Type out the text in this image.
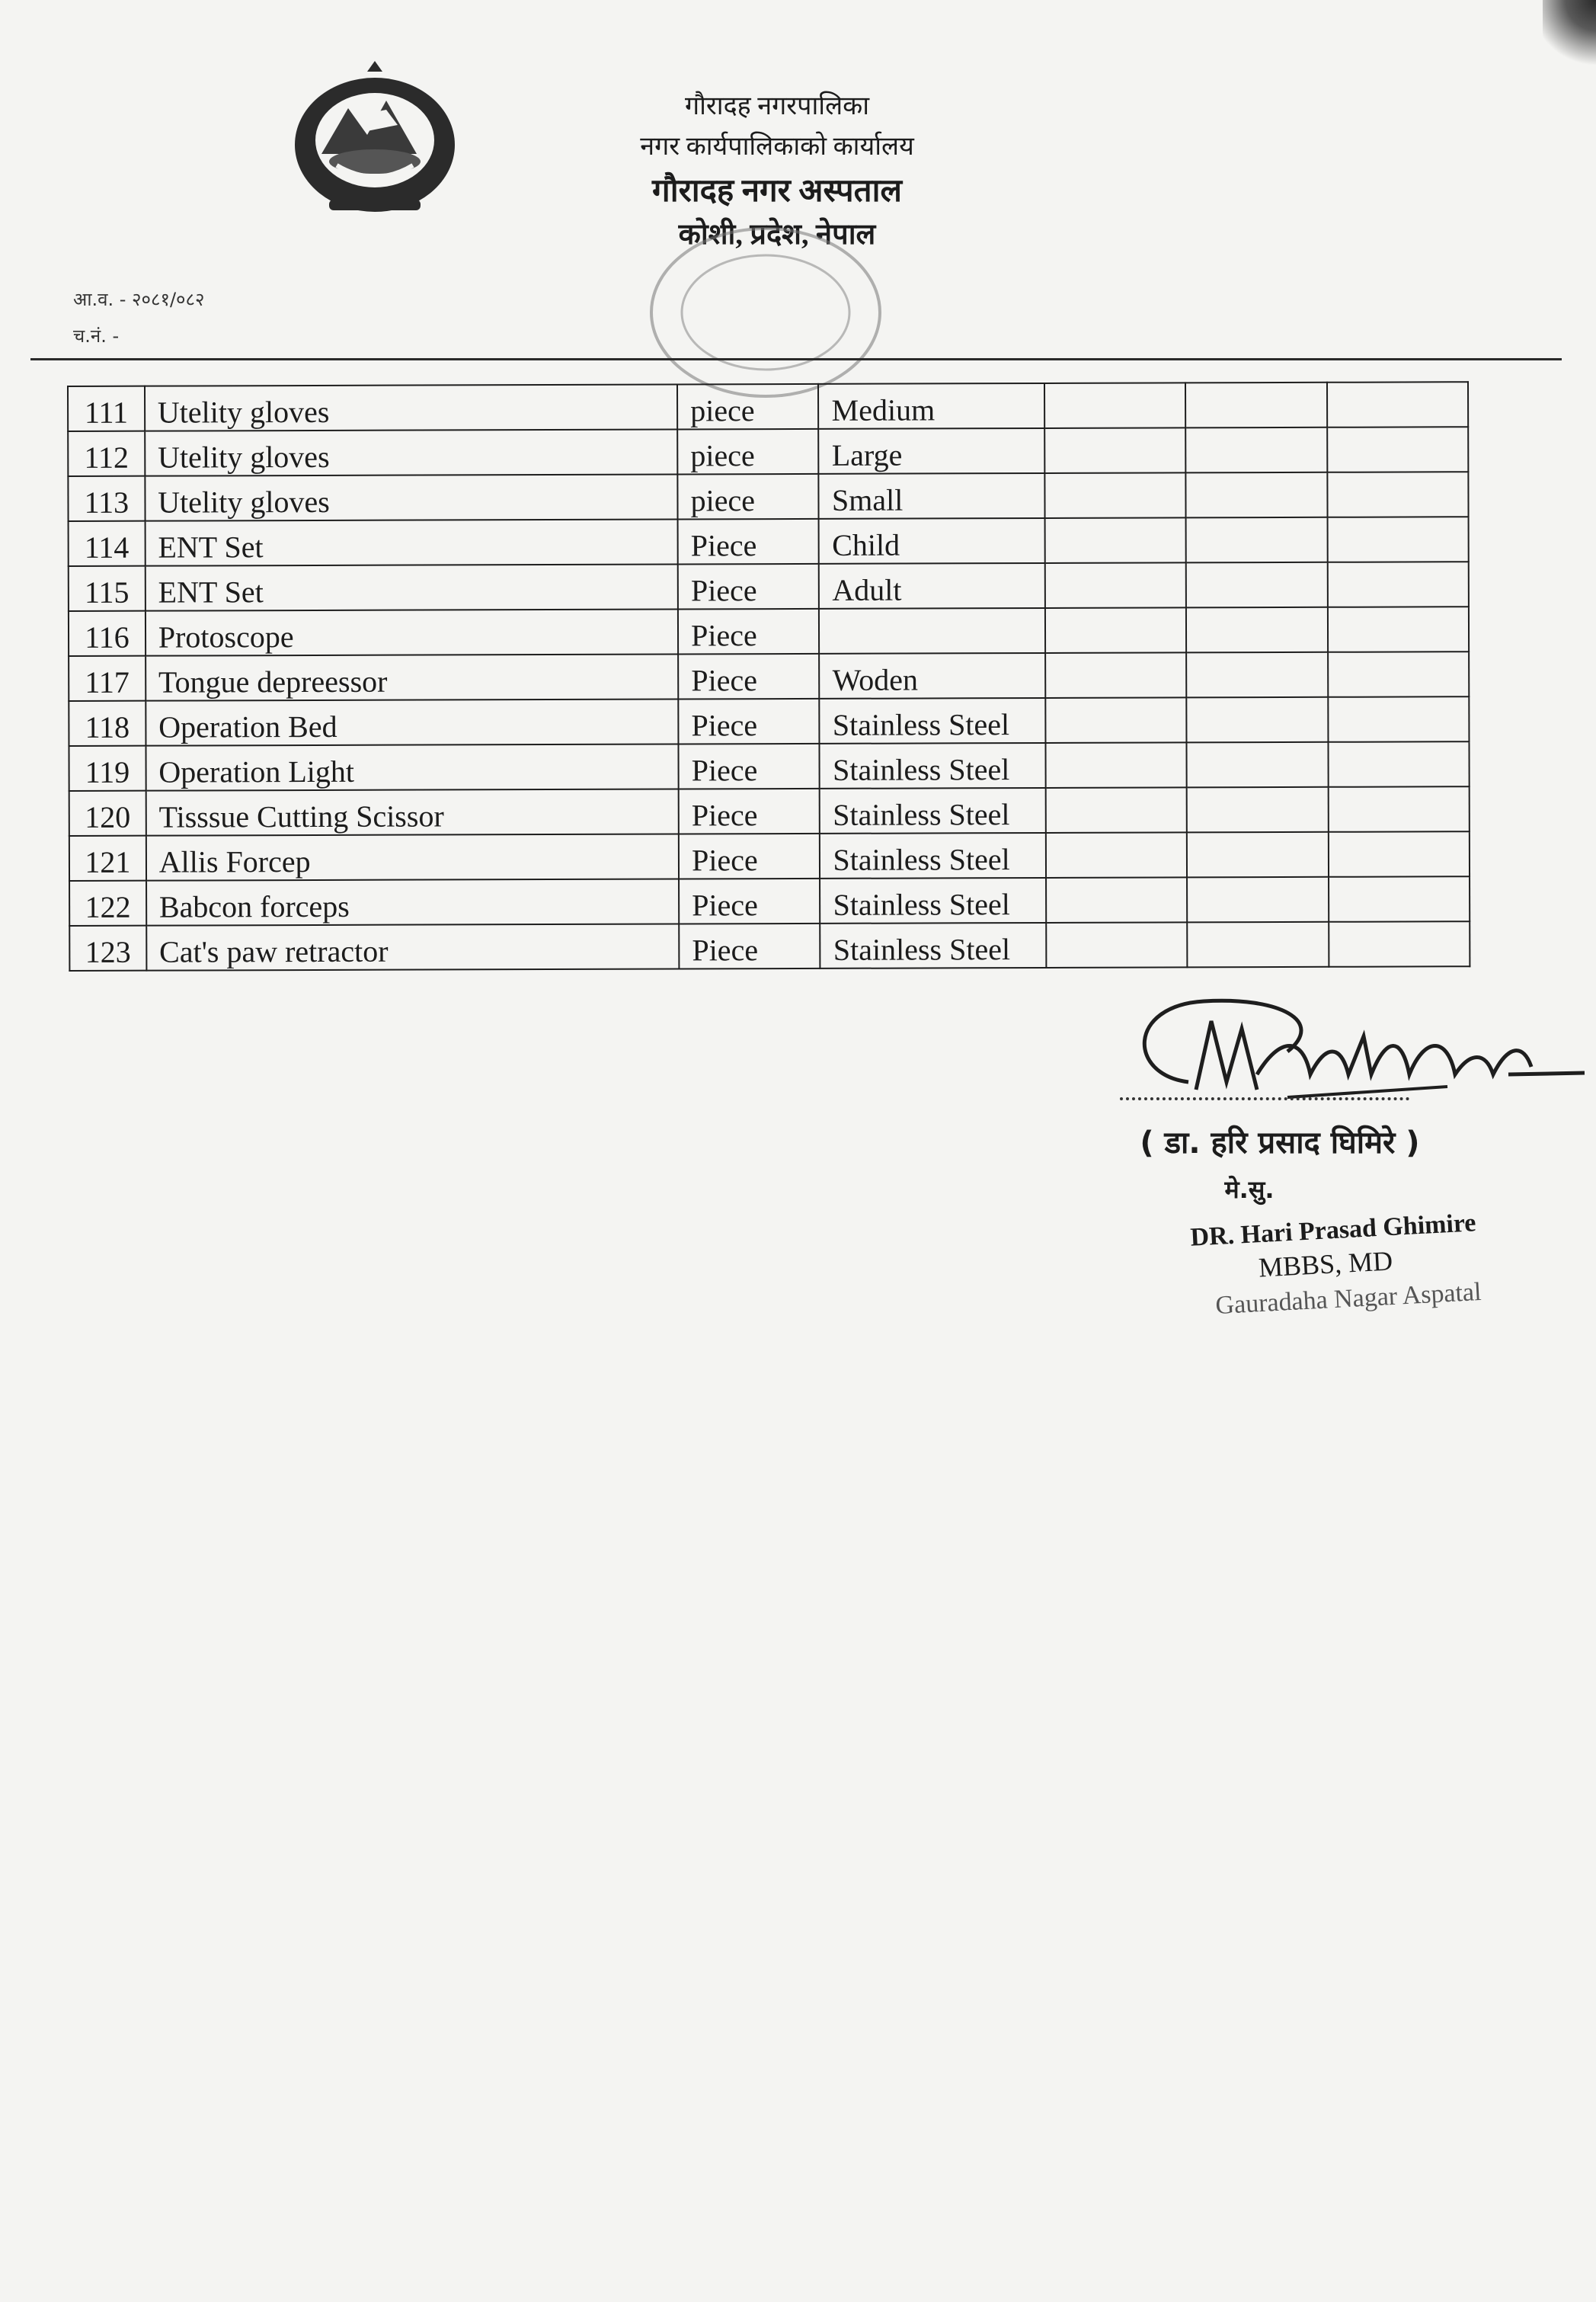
गौरादह नगरपालिका
नगर कार्यपालिकाको कार्यालय
गौरादह नगर अस्पताल
कोशी, प्रदेश, नेपाल
आ.व. - २०८१/०८२
च.नं. -
111	Utelity gloves	piece	Medium			
112	Utelity gloves	piece	Large			
113	Utelity gloves	piece	Small			
114	ENT Set	Piece	Child			
115	ENT Set	Piece	Adult			
116	Protoscope	Piece				
117	Tongue depreessor	Piece	Woden			
118	Operation Bed	Piece	Stainless Steel			
119	Operation Light	Piece	Stainless Steel			
120	Tisssue Cutting Scissor	Piece	Stainless Steel			
121	Allis Forcep	Piece	Stainless Steel			
122	Babcon forceps	Piece	Stainless Steel			
123	Cat's paw retractor	Piece	Stainless Steel			
( डा. हरि प्रसाद घिमिरे )
मे.सु.
DR. Hari Prasad Ghimire
MBBS, MD
Gauradaha Nagar Aspatal
